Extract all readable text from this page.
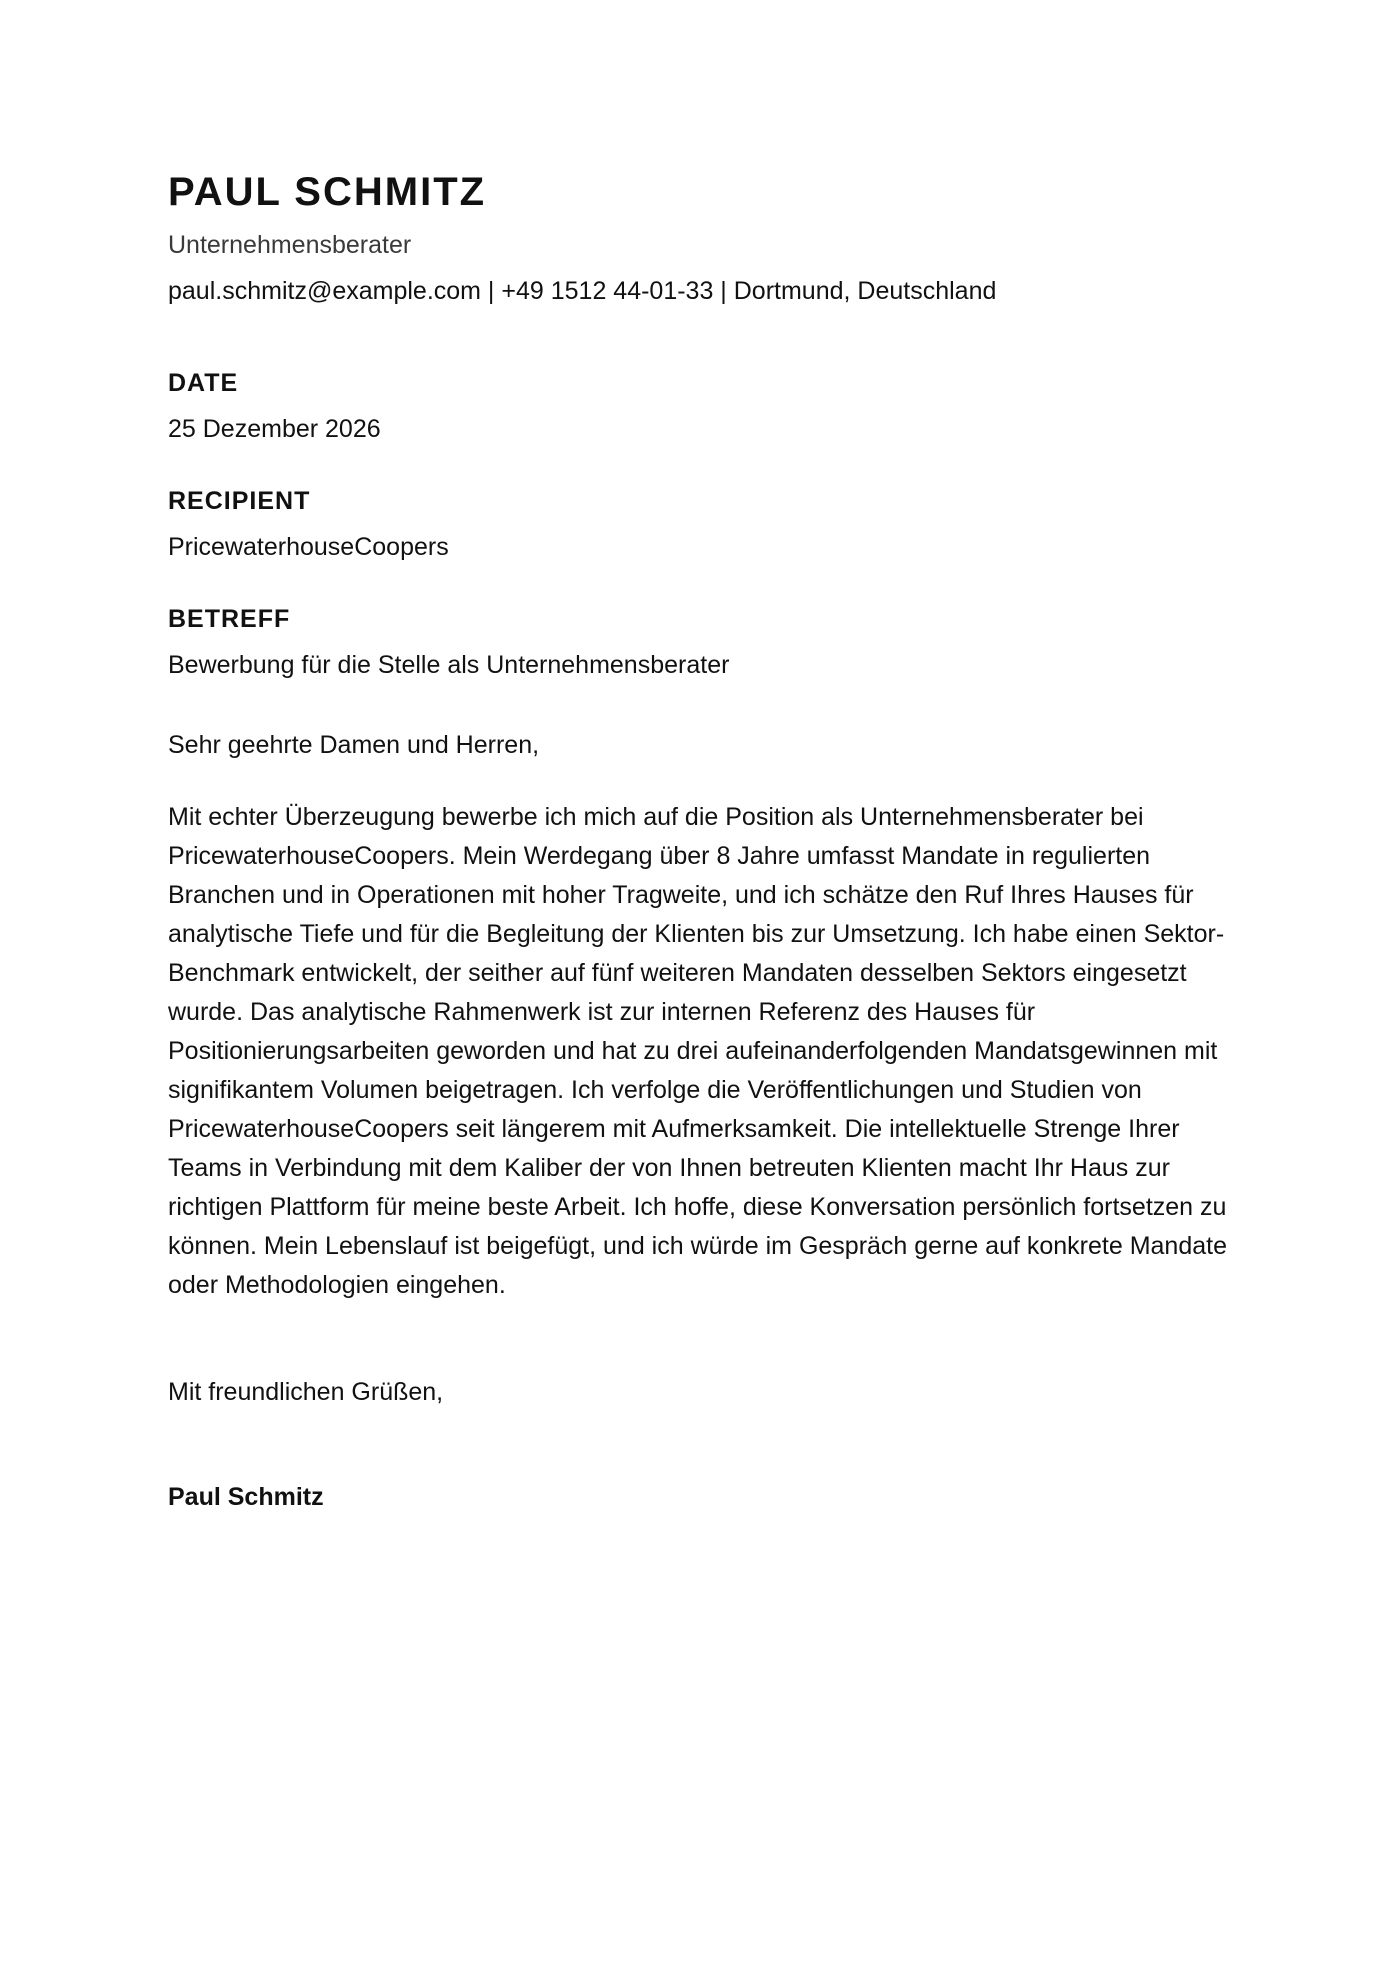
PAUL SCHMITZ
Unternehmensberater
paul.schmitz@example.com | +49 1512 44-01-33 | Dortmund, Deutschland
DATE
25 Dezember 2026
RECIPIENT
PricewaterhouseCoopers
BETREFF
Bewerbung für die Stelle als Unternehmensberater
Sehr geehrte Damen und Herren,

Mit echter Überzeugung bewerbe ich mich auf die Position als Unternehmensberater bei PricewaterhouseCoopers. Mein Werdegang über 8 Jahre umfasst Mandate in regulierten Branchen und in Operationen mit hoher Tragweite, und ich schätze den Ruf Ihres Hauses für analytische Tiefe und für die Begleitung der Klienten bis zur Umsetzung. Ich habe einen Sektor-Benchmark entwickelt, der seither auf fünf weiteren Mandaten desselben Sektors eingesetzt wurde. Das analytische Rahmenwerk ist zur internen Referenz des Hauses für Positionierungsarbeiten geworden und hat zu drei aufeinanderfolgenden Mandatsgewinnen mit signifikantem Volumen beigetragen. Ich verfolge die Veröffentlichungen und Studien von PricewaterhouseCoopers seit längerem mit Aufmerksamkeit. Die intellektuelle Strenge Ihrer Teams in Verbindung mit dem Kaliber der von Ihnen betreuten Klienten macht Ihr Haus zur richtigen Plattform für meine beste Arbeit. Ich hoffe, diese Konversation persönlich fortsetzen zu können. Mein Lebenslauf ist beigefügt, und ich würde im Gespräch gerne auf konkrete Mandate oder Methodologien eingehen.

Mit freundlichen Grüßen,
Paul Schmitz
